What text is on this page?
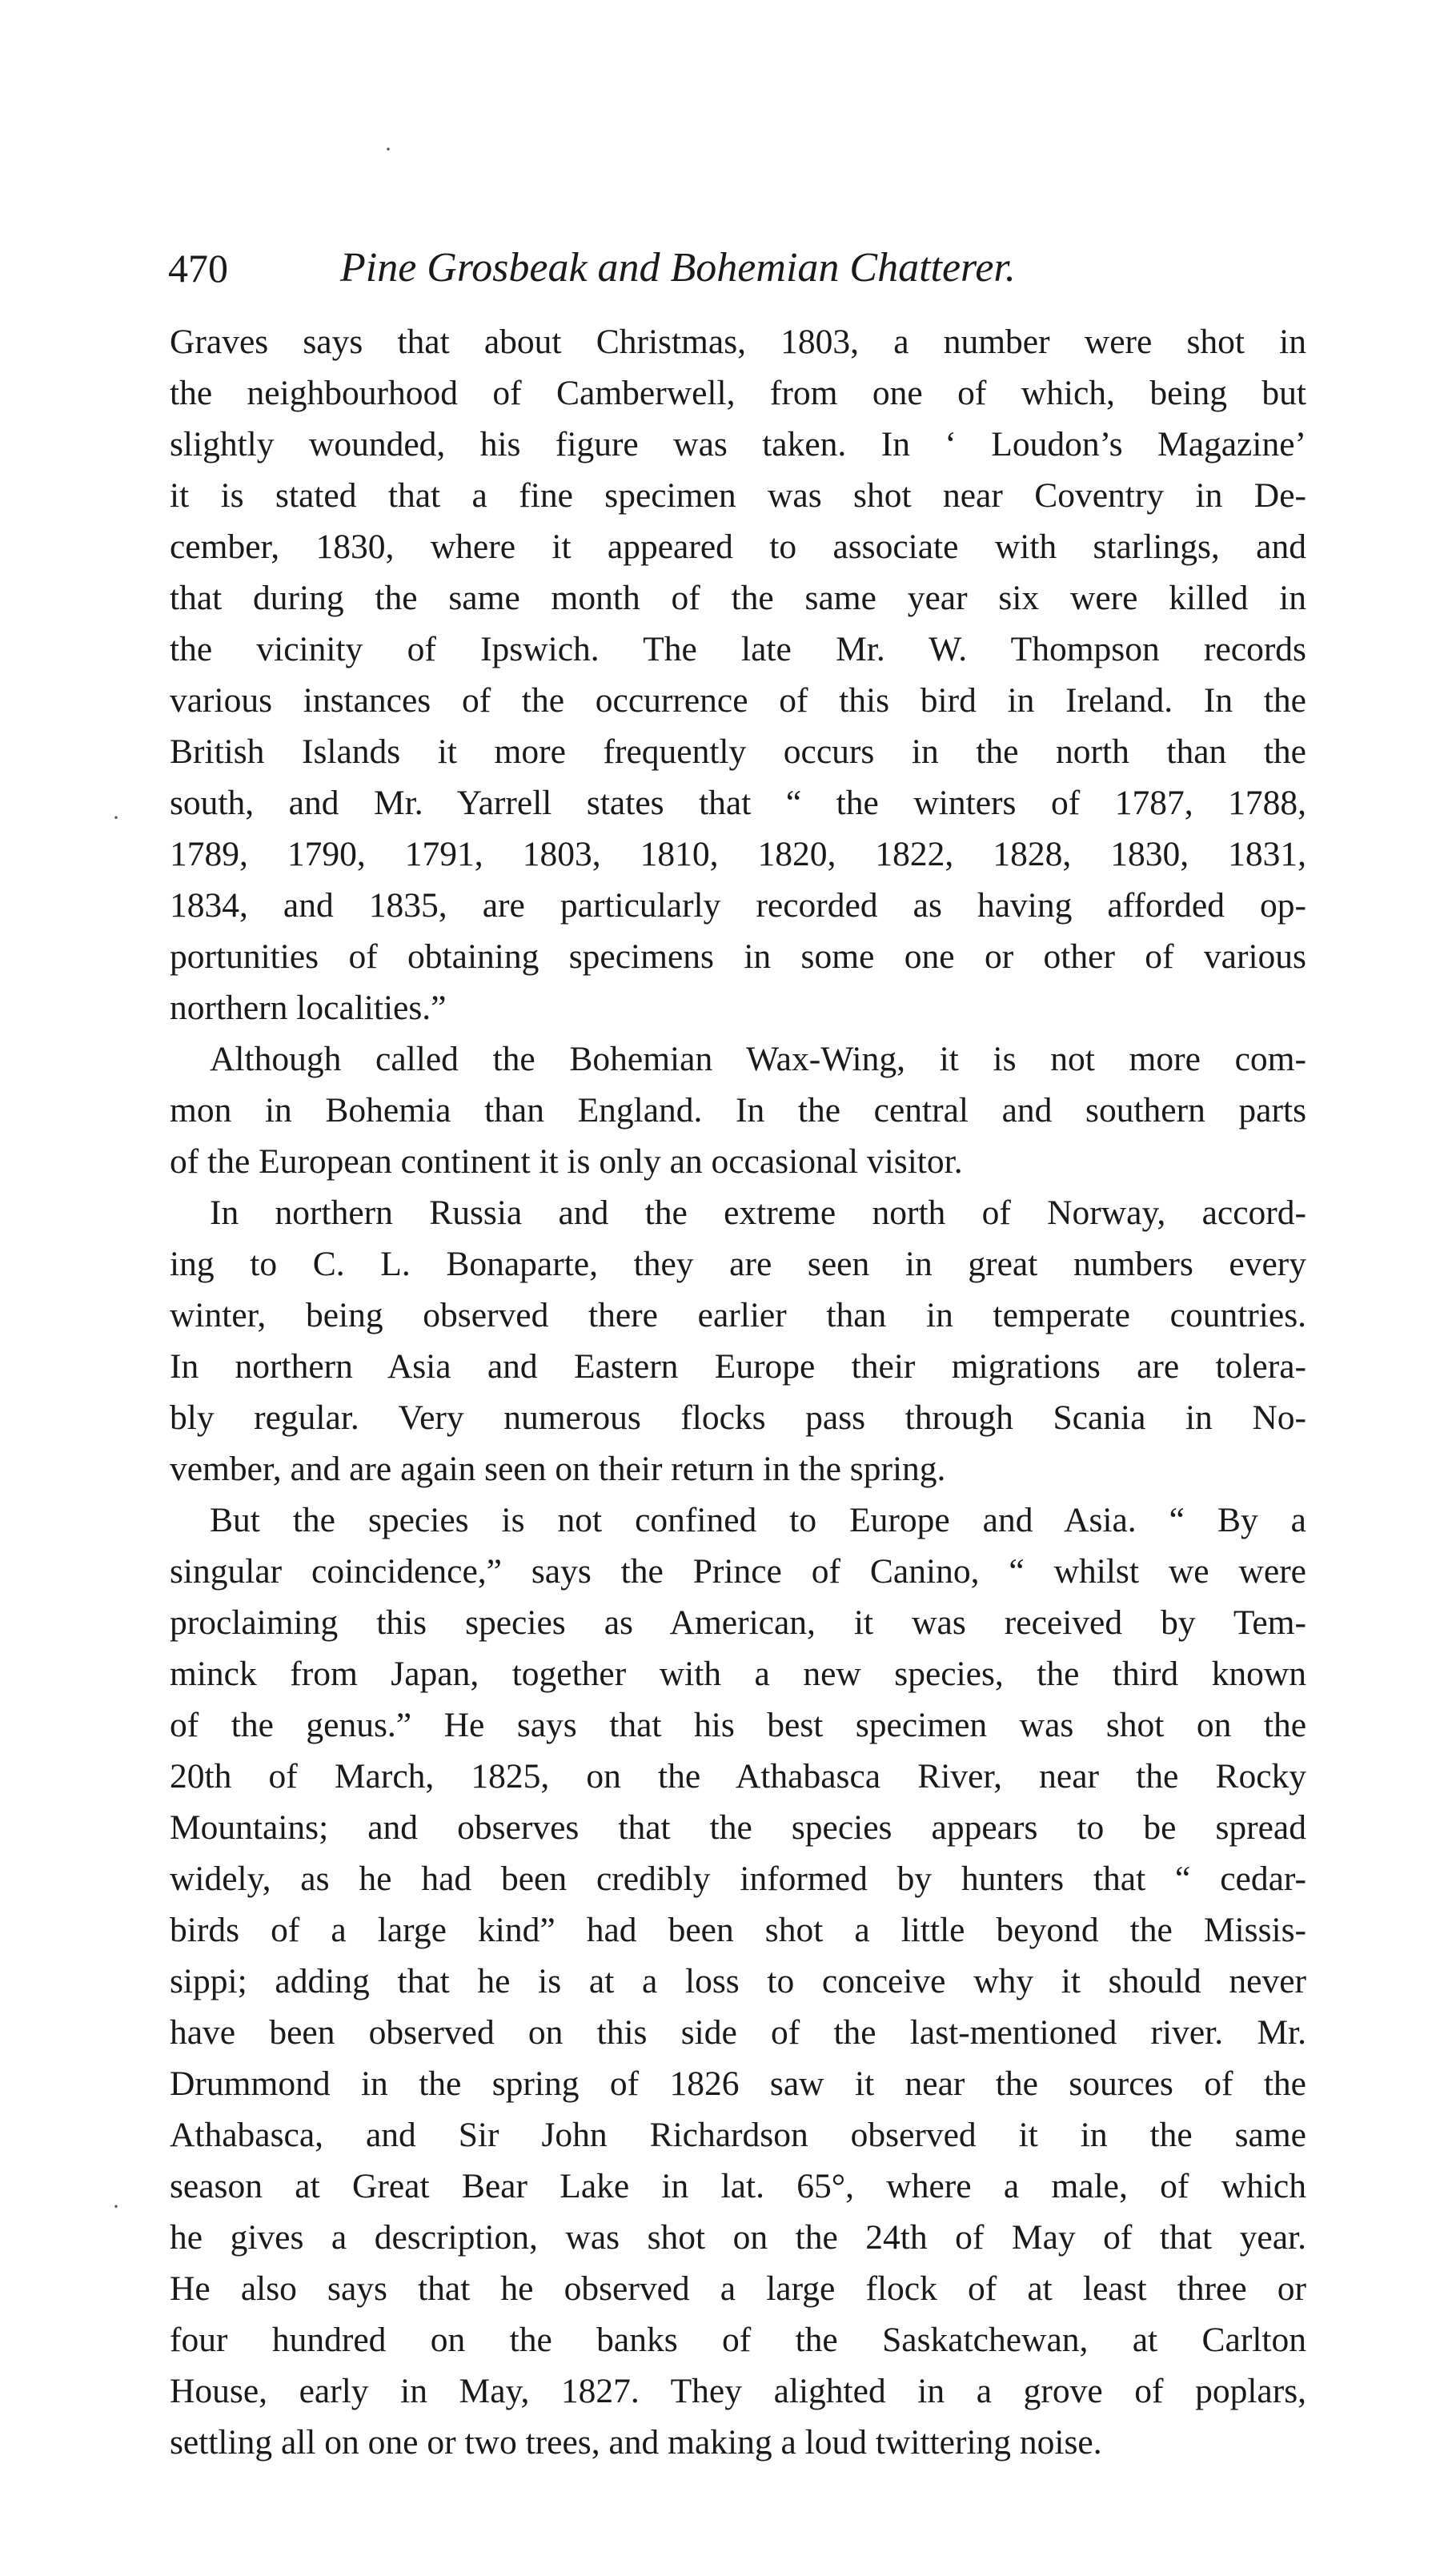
470	Pine Grosbeak and Bohemian Chatterer.
Graves says that about Christmas, 1803, a number were shot in
the neighbourhood of Camberwell, from one of which, being but
slightly wounded, his figure was taken. In ‘ Loudon’s Magazine’
it is stated that a fine specimen was shot near Coventry in De-
cember, 1830, where it appeared to associate with starlings, and
that during the same month of the same year six were killed in
the vicinity of Ipswich. The late Mr. W. Thompson records
various instances of the occurrence of this bird in Ireland. In the
British Islands it more frequently occurs in the north than the
south, and Mr. Yarrell states that “ the winters of 1787, 1788,
1789, 1790, 1791, 1803, 1810, 1820, 1822, 1828, 1830, 1831,
1834, and 1835, are particularly recorded as having afforded op-
portunities of obtaining specimens in some one or other of various
northern localities.”
Although called the Bohemian Wax-Wing, it is not more com-
mon in Bohemia than England. In the central and southern parts
of the European continent it is only an occasional visitor.
In northern Russia and the extreme north of Norway, accord-
ing to C. L. Bonaparte, they are seen in great numbers every
winter, being observed there earlier than in temperate countries.
In northern Asia and Eastern Europe their migrations are tolera-
bly regular. Very numerous flocks pass through Scania in No-
vember, and are again seen on their return in the spring.
But the species is not confined to Europe and Asia. “ By a
singular coincidence,” says the Prince of Canino, “ whilst we were
proclaiming this species as American, it was received by Tem-
minck from Japan, together with a new species, the third known
of the genus.” He says that his best specimen was shot on the
20th of March, 1825, on the Athabasca River, near the Rocky
Mountains; and observes that the species appears to be spread
widely, as he had been credibly informed by hunters that “ cedar-
birds of a large kind” had been shot a little beyond the Missis-
sippi; adding that he is at a loss to conceive why it should never
have been observed on this side of the last-mentioned river. Mr.
Drummond in the spring of 1826 saw it near the sources of the
Athabasca, and Sir John Richardson observed it in the same
season at Great Bear Lake in lat. 65°, where a male, of which
he gives a description, was shot on the 24th of May of that year.
He also says that he observed a large flock of at least three or
four hundred on the banks of the Saskatchewan, at Carlton
House, early in May, 1827. They alighted in a grove of poplars,
settling all on one or two trees, and making a loud twittering noise.
·
·
·
